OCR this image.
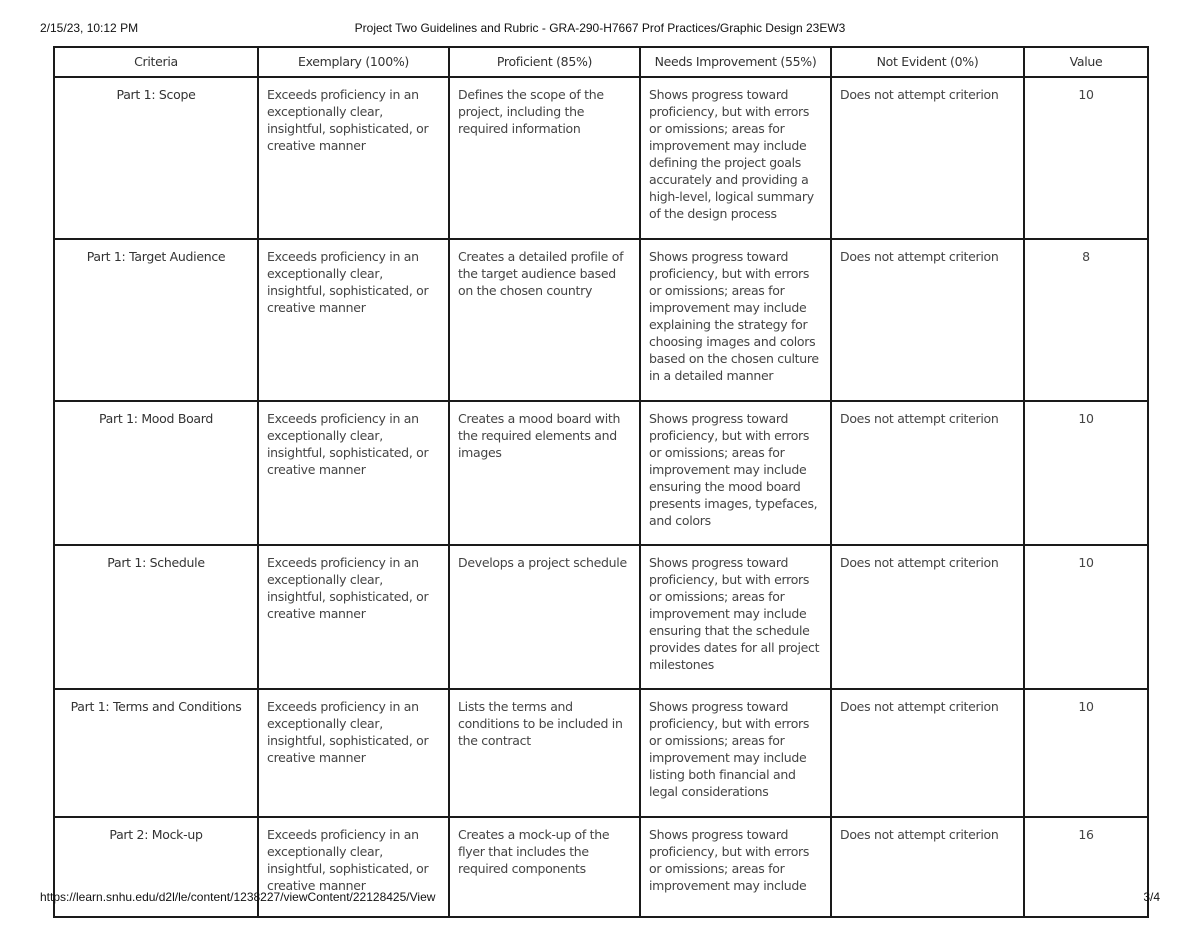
2/15/23, 10:12 PM	Project Two Guidelines and Rubric - GRA-290-H7667 Prof Practices/Graphic Design 23EW3
Criteria	Exemplary (100%)	Proficient (85%)	Needs Improvement (55%)	Not Evident (0%)	Value
Part 1: Scope	Exceeds proficiency in an exceptionally clear, insightful, sophisticated, or creative manner	Defines the scope of the project, including the required information	Shows progress toward proficiency, but with errors or omissions; areas for improvement may include defining the project goals accurately and providing a high-level, logical summary of the design process	Does not attempt criterion	10
Part 1: Target Audience	Exceeds proficiency in an exceptionally clear, insightful, sophisticated, or creative manner	Creates a detailed profile of the target audience based on the chosen country	Shows progress toward proficiency, but with errors or omissions; areas for improvement may include explaining the strategy for choosing images and colors based on the chosen culture in a detailed manner	Does not attempt criterion	8
Part 1: Mood Board	Exceeds proficiency in an exceptionally clear, insightful, sophisticated, or creative manner	Creates a mood board with the required elements and images	Shows progress toward proficiency, but with errors or omissions; areas for improvement may include ensuring the mood board presents images, typefaces, and colors	Does not attempt criterion	10
Part 1: Schedule	Exceeds proficiency in an exceptionally clear, insightful, sophisticated, or creative manner	Develops a project schedule	Shows progress toward proficiency, but with errors or omissions; areas for improvement may include ensuring that the schedule provides dates for all project milestones	Does not attempt criterion	10
Part 1: Terms and Conditions	Exceeds proficiency in an exceptionally clear, insightful, sophisticated, or creative manner	Lists the terms and conditions to be included in the contract	Shows progress toward proficiency, but with errors or omissions; areas for improvement may include listing both financial and legal considerations	Does not attempt criterion	10
Part 2: Mock-up	Exceeds proficiency in an exceptionally clear, insightful, sophisticated, or creative manner	Creates a mock-up of the flyer that includes the required components	Shows progress toward proficiency, but with errors or omissions; areas for improvement may include	Does not attempt criterion	16
https://learn.snhu.edu/d2l/le/content/1238227/viewContent/22128425/View	3/4
